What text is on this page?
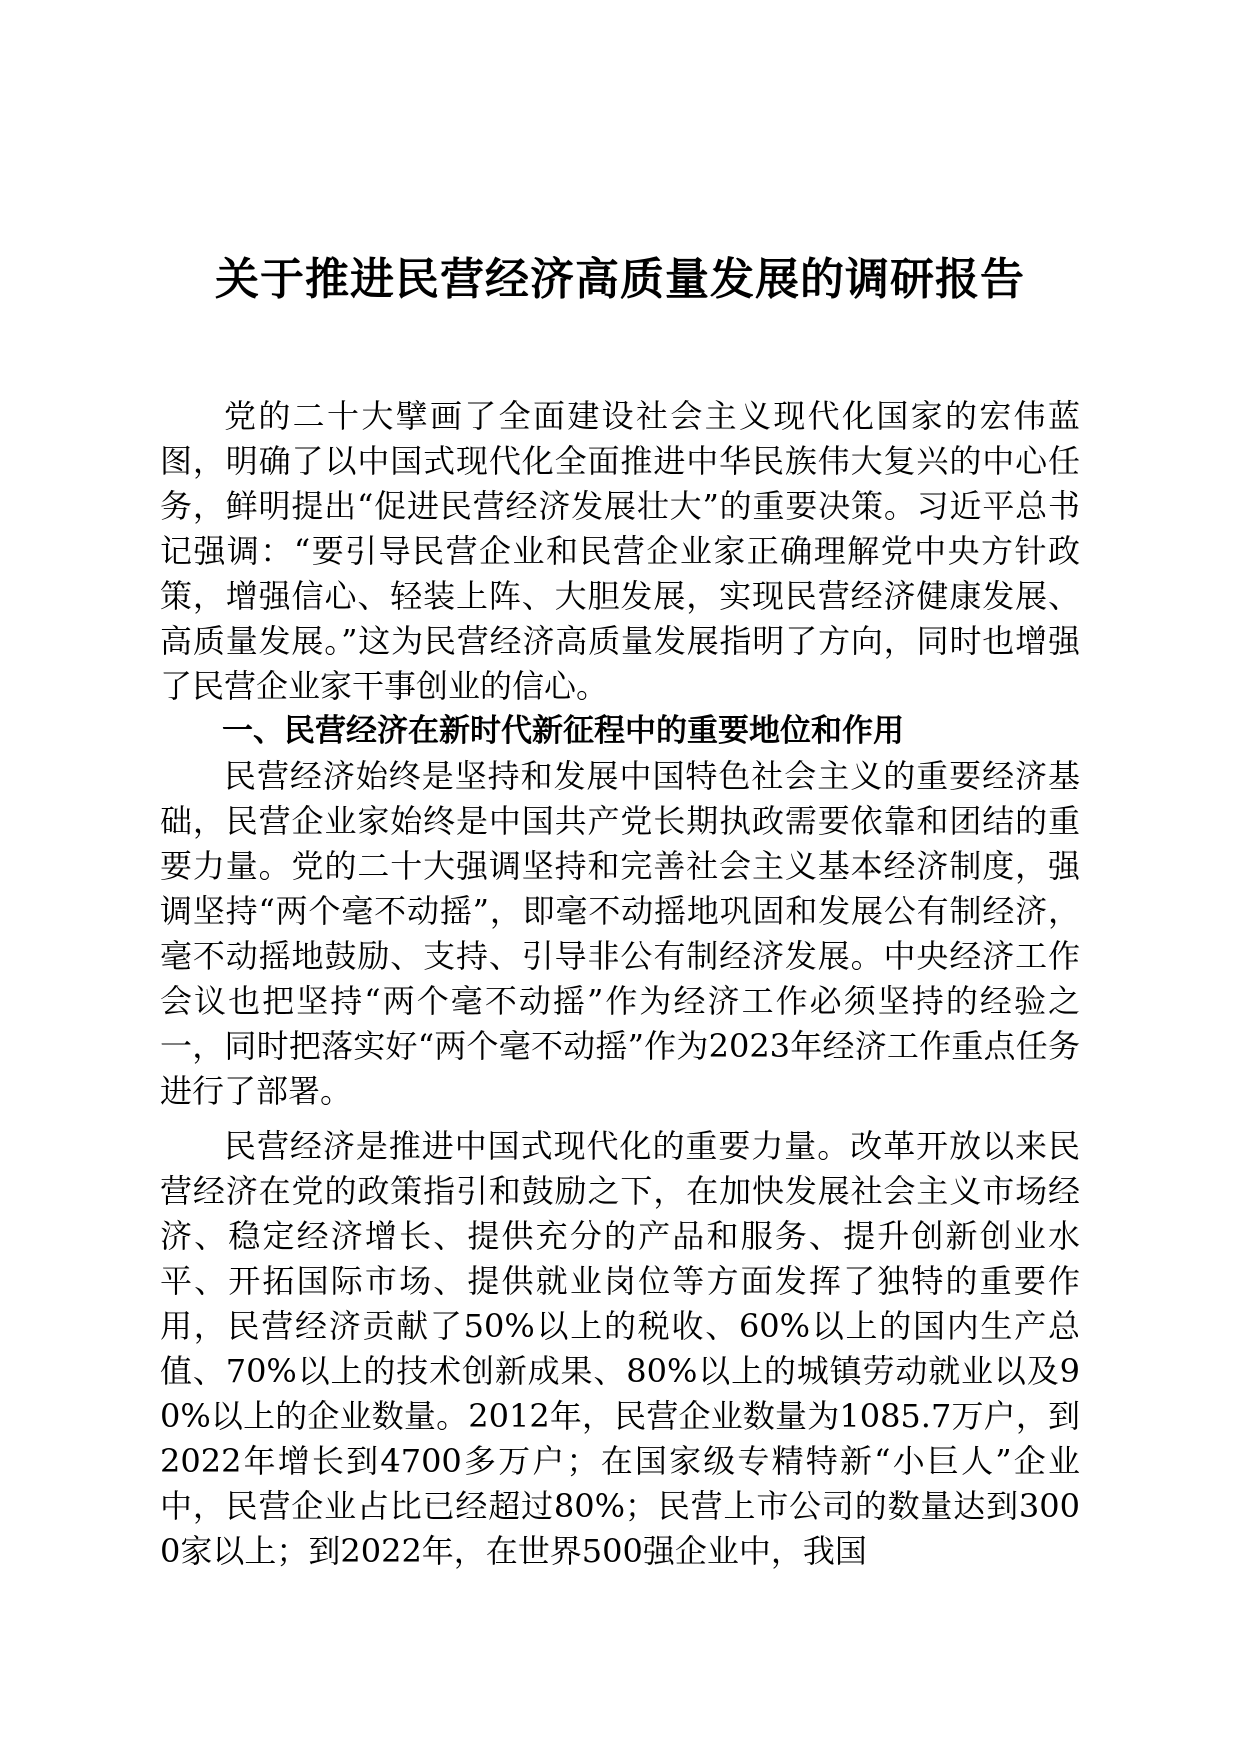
关于推进民营经济高质量发展的调研报告

党的二十大擘画了全面建设社会主义现代化国家的宏伟蓝图，明确了以中国式现代化全面推进中华民族伟大复兴的中心任务，鲜明提出“促进民营经济发展壮大”的重要决策。习近平总书记强调：“要引导民营企业和民营企业家正确理解党中央方针政策，增强信心、轻装上阵、大胆发展，实现民营经济健康发展、高质量发展。”这为民营经济高质量发展指明了方向，同时也增强了民营企业家干事创业的信心。

一、民营经济在新时代新征程中的重要地位和作用

民营经济始终是坚持和发展中国特色社会主义的重要经济基础，民营企业家始终是中国共产党长期执政需要依靠和团结的重要力量。党的二十大强调坚持和完善社会主义基本经济制度，强调坚持“两个毫不动摇”，即毫不动摇地巩固和发展公有制经济，毫不动摇地鼓励、支持、引导非公有制经济发展。中央经济工作会议也把坚持“两个毫不动摇”作为经济工作必须坚持的经验之一，同时把落实好“两个毫不动摇”作为2023年经济工作重点任务进行了部署。

民营经济是推进中国式现代化的重要力量。改革开放以来民营经济在党的政策指引和鼓励之下，在加快发展社会主义市场经济、稳定经济增长、提供充分的产品和服务、提升创新创业水平、开拓国际市场、提供就业岗位等方面发挥了独特的重要作用，民营经济贡献了50%以上的税收、60%以上的国内生产总值、70%以上的技术创新成果、80%以上的城镇劳动就业以及90%以上的企业数量。2012年，民营企业数量为1085.7万户，到2022年增长到4700多万户；在国家级专精特新“小巨人”企业中，民营企业占比已经超过80%；民营上市公司的数量达到3000家以上；到2022年，在世界500强企业中，我国
